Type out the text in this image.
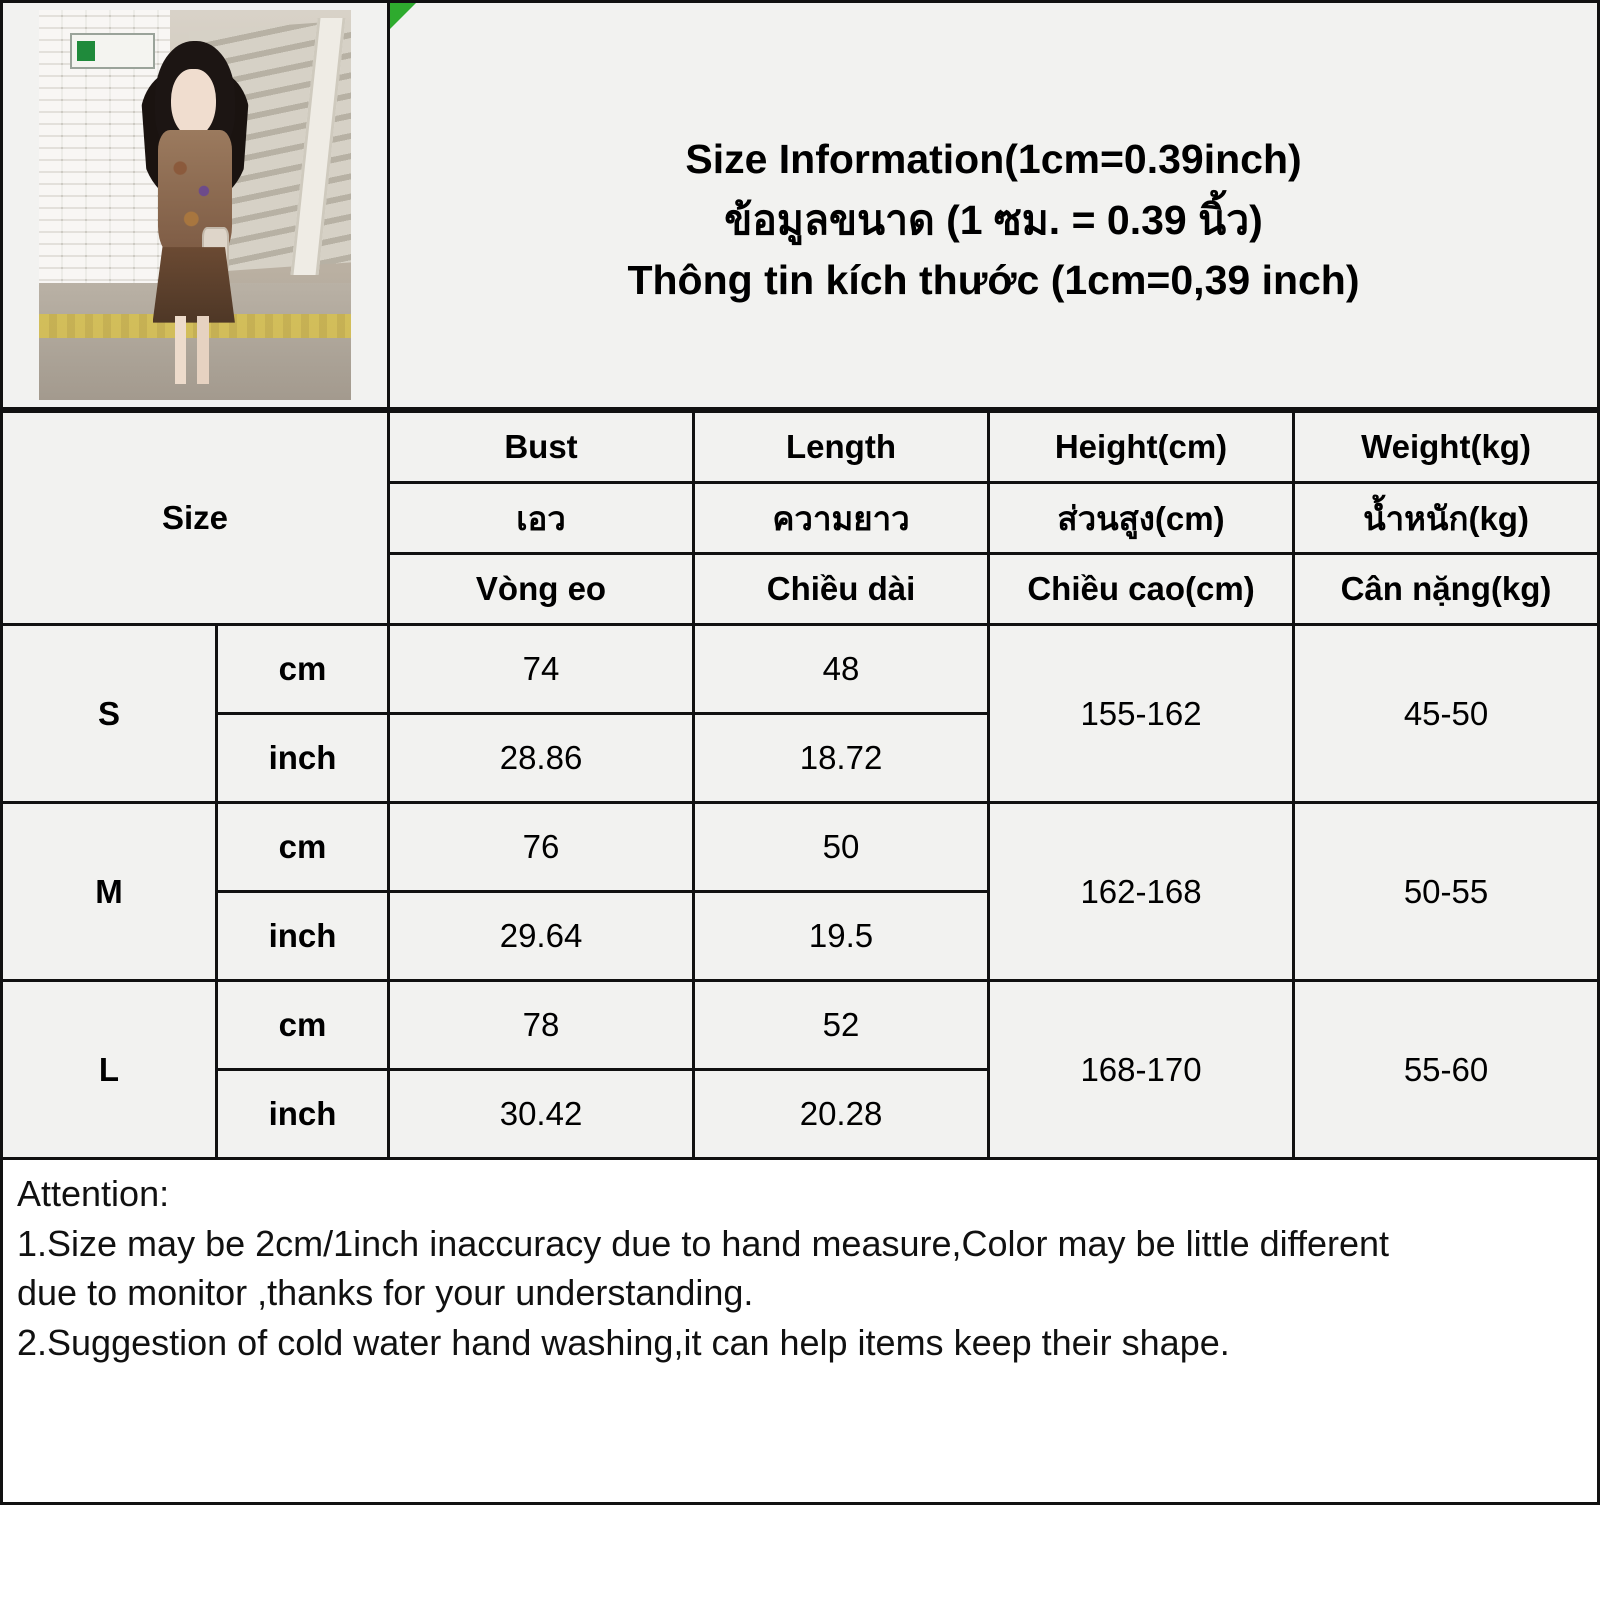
Size Information(1cm=0.39inch)
ข้อมูลขนาด (1 ซม. = 0.39 นิ้ว)
Thông tin kích thước (1cm=0,39 inch)
Size		Bust	Length	Height(cm)	Weight(kg)
		เอว	ความยาว	ส่วนสูง(cm)	น้ำหนัก(kg)
		Vòng eo	Chiều dài	Chiều cao(cm)	Cân nặng(kg)
S	cm	74	48	155-162	45-50
	inch	28.86	18.72		
M	cm	76	50	162-168	50-55
	inch	29.64	19.5		
L	cm	78	52	168-170	55-60
	inch	30.42	20.28		

Attention:

1.Size may be 2cm/1inch inaccuracy due to hand measure,Color may be little different

due to monitor ,thanks for your understanding.

2.Suggestion of cold water hand washing,it can help items keep their shape.
